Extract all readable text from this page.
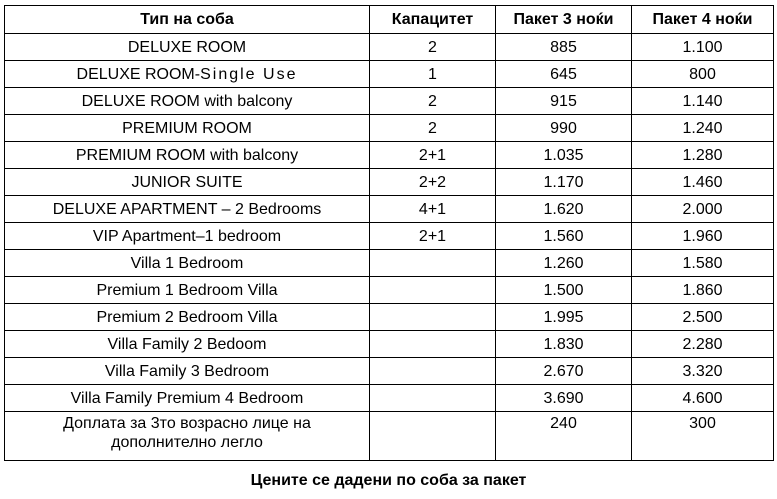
Тип на соба	Капацитет	Пакет 3 ноќи	Пакет 4 ноќи
DELUXE ROOM	2	885	1.100
DELUXE ROOM-Single Use	1	645	800
DELUXE ROOM with balcony	2	915	1.140
PREMIUM ROOM	2	990	1.240
PREMIUM ROOM with balcony	2+1	1.035	1.280
JUNIOR SUITE	2+2	1.170	1.460
DELUXE APARTMENT – 2 Bedrooms	4+1	1.620	2.000
VIP Apartment–1 bedroom	2+1	1.560	1.960
Villa 1 Bedroom		1.260	1.580
Premium 1 Bedroom Villa		1.500	1.860
Premium 2 Bedroom Villa		1.995	2.500
Villa Family 2 Bedoom		1.830	2.280
Villa Family 3 Bedroom		2.670	3.320
Villa Family Premium 4 Bedroom		3.690	4.600

Доплата за 3то возрасно лице на
дополнително легло		240	300
Цените се дадени по соба за пакет
